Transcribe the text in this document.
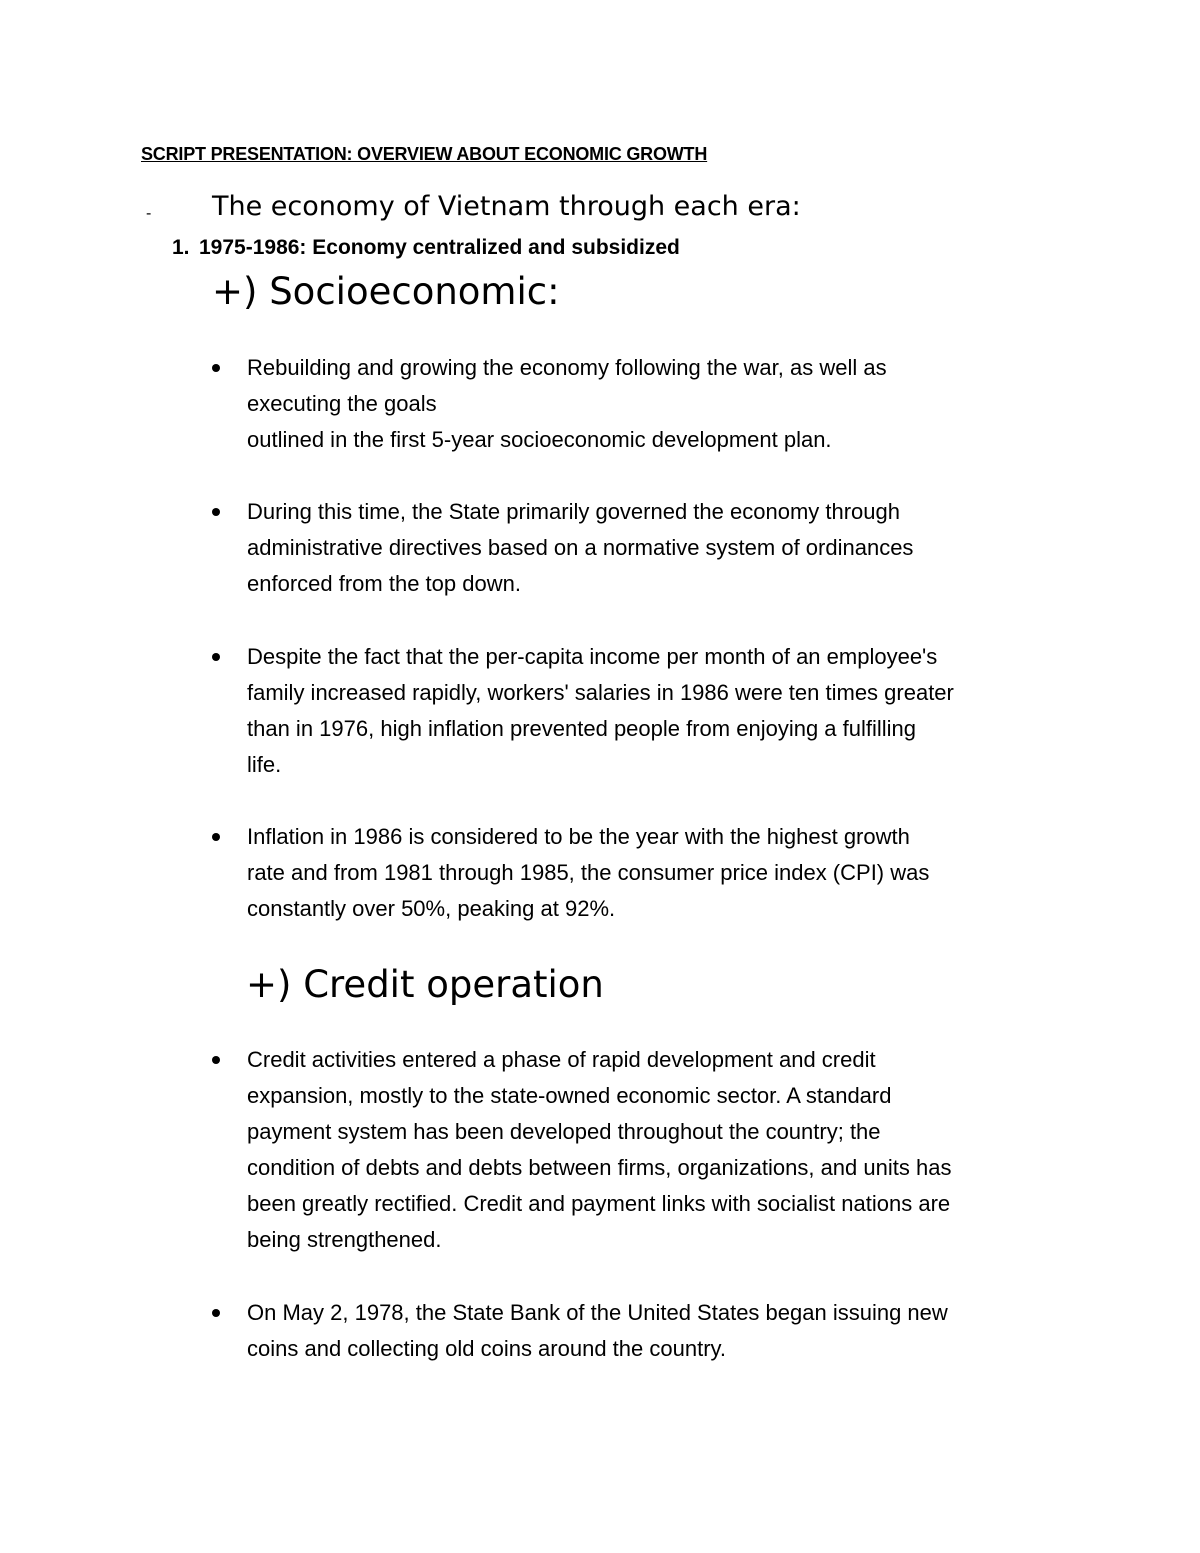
SCRIPT PRESENTATION: OVERVIEW ABOUT ECONOMIC GROWTH
- The economy of Vietnam through each era:
1. 1975-1986: Economy centralized and subsidized
+) Socioeconomic:
Rebuilding and growing the economy following the war, as well as
executing the goals
outlined in the first 5-year socioeconomic development plan.
During this time, the State primarily governed the economy through
administrative directives based on a normative system of ordinances
enforced from the top down.
Despite the fact that the per-capita income per month of an employee's
family increased rapidly, workers' salaries in 1986 were ten times greater
than in 1976, high inflation prevented people from enjoying a fulfilling
life.
Inflation in 1986 is considered to be the year with the highest growth
rate and from 1981 through 1985, the consumer price index (CPI) was
constantly over 50%, peaking at 92%.
+) Credit operation
Credit activities entered a phase of rapid development and credit
expansion, mostly to the state-owned economic sector. A standard
payment system has been developed throughout the country; the
condition of debts and debts between firms, organizations, and units has
been greatly rectified. Credit and payment links with socialist nations are
being strengthened.
On May 2, 1978, the State Bank of the United States began issuing new
coins and collecting old coins around the country.
